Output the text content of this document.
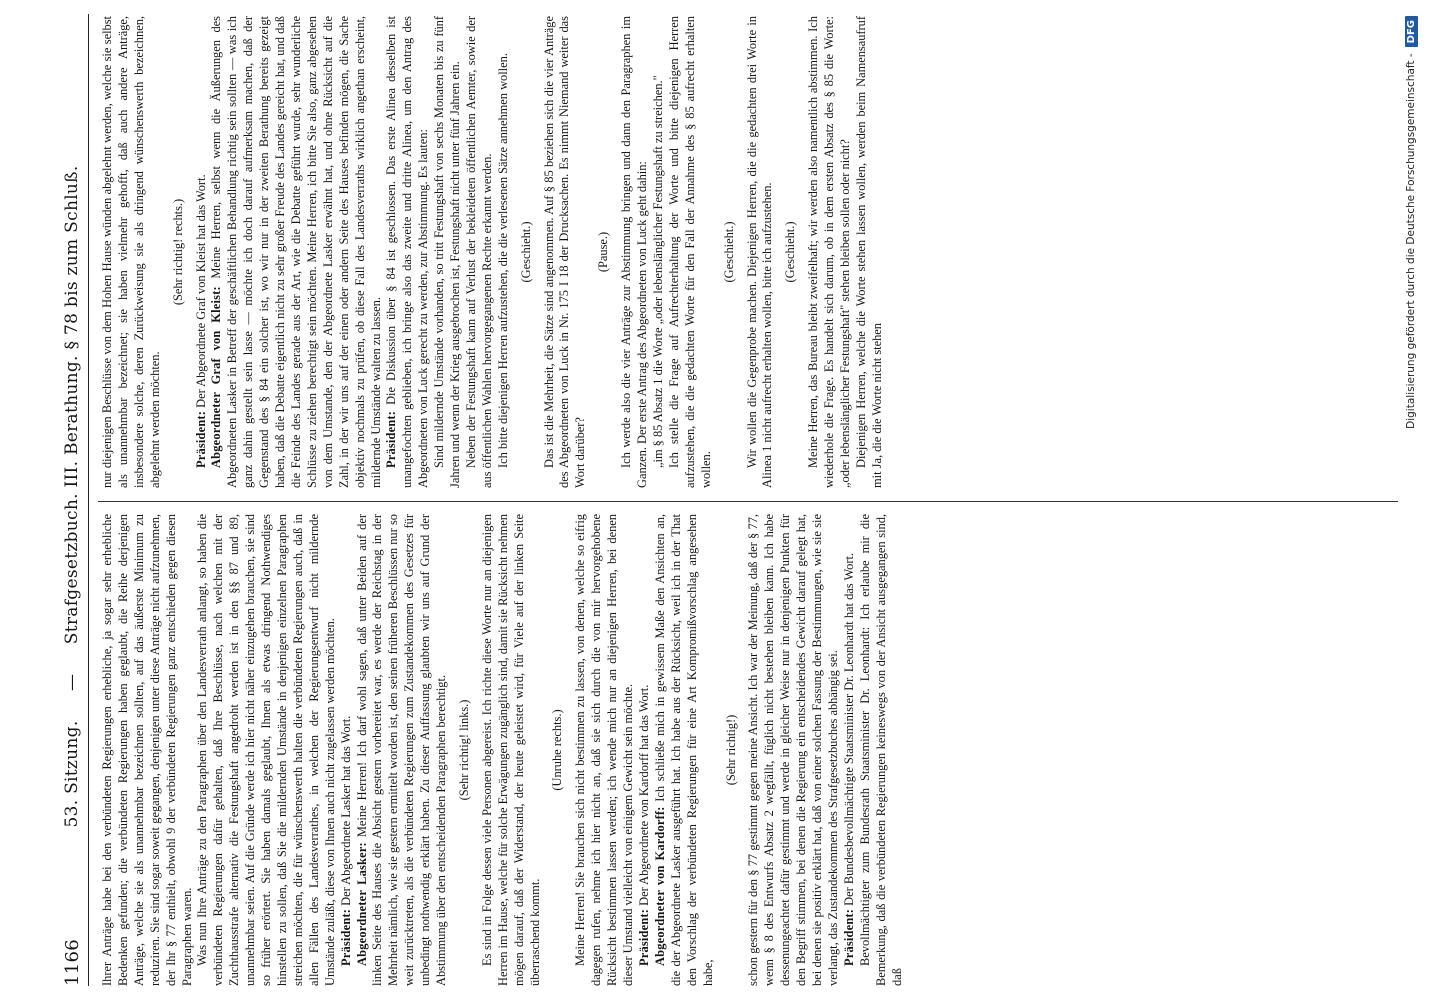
1166
53. Sitzung.  —  Strafgesetzbuch. III. Berathung. § 78 bis zum Schluß.

Ihrer Anträge habe bei den verbündeten Regierungen erhebliche, ja sogar sehr erhebliche Bedenken gefunden; die verbündeten Regierungen haben geglaubt, die Reihe derjenigen Anträge, welche sie als unannehmbar bezeichnen sollten, auf das äußerste Minimum zu reduziren. Sie sind sogar soweit gegangen, denjenigen unter diese Anträge nicht aufzunehmen, der Ihr § 77 enthielt, obwohl 9 der verbündeten Regierungen ganz entschieden gegen diesen Paragraphen waren. Was nun Ihre Anträge zu den Paragraphen über den Landesverrath anlangt, so haben die verbündeten Regierungen dafür gehalten, daß Ihre Beschlüsse, nach welchen mit der Zuchthausstrafe alternativ die Festungshaft angedroht werden ist in den §§ 87 und 89, unannehmbar seien. Auf die Gründe werde ich hier nicht näher einzugehen brauchen, sie sind so früher erörtert. Sie haben damals geglaubt, Ihnen als etwas dringend Nothwendiges hinstellen zu sollen, daß Sie die mildernden Umstände in denjenigen einzelnen Paragraphen streichen möchten, die für wünschenswerth halten die verbündeten Regierungen auch, daß in allen Fällen des Landesverrathes, in welchen der Regierungsentwurf nicht mildernde Umstände zuläßt, diese von Ihnen auch nicht zugelassen werden möchten. Präsident: Der Abgeordnete Lasker hat das Wort. Abgeordneter Lasker: Meine Herren! Ich darf wohl sagen, daß unter Beiden auf der linken Seite des Hauses die Absicht gestern vorbereitet war, es werde der Reichstag in der Mehrheit nämlich, wie sie gestern ermittelt worden ist, den seinen früheren Beschlüssen nur so weit zurücktreten, als die verbündeten Regierungen zum Zustandekommen des Gesetzes für unbedingt nothwendig erklärt haben. Zu dieser Auffassung glaubten wir uns auf Grund der Abstimmung über den entscheidenden Paragraphen berechtigt. (Sehr richtig! links.) Es sind in Folge dessen viele Personen abgereist. Ich richte diese Worte nur an diejenigen Herren im Hause, welche für solche Erwägungen zugänglich sind, damit sie Rücksicht nehmen mögen darauf, daß der Widerstand, der heute geleistet wird, für Viele auf der linken Seite überraschend kommt.

(Unruhe rechts.) Meine Herren! Sie brauchen sich nicht bestimmen zu lassen, von denen, welche so eifrig dagegen rufen, nehme ich hier nicht an, daß sie sich durch die von mir hervorgehobene Rücksicht bestimmen lassen werden; ich wende mich nur an diejenigen Herren, bei denen dieser Umstand vielleicht von einigem Gewicht sein möchte. Präsident: Der Abgeordnete von Kardorff hat das Wort. Abgeordneter von Kardorff: Ich schließe mich in gewissem Maße den Ansichten an, die der Abgeordnete Lasker ausgeführt hat. Ich habe aus der Rücksicht, weil ich in der That den Vorschlag der verbündeten Regierungen für eine Art Kompromißvorschlag angesehen habe,

(Sehr richtig!) schon gestern für den § 77 gestimmt gegen meine Ansicht. Ich war der Meinung, daß der § 77, wenn § 8 des Entwurfs Absatz 2 wegfällt, füglich nicht bestehen bleiben kann. Ich habe dessenungeachtet dafür gestimmt und werde in gleicher Weise nur in denjenigen Punkten für den Begriff stimmen, bei denen die Regierung ein entscheidendes Gewicht darauf gelegt hat, bei denen sie positiv erklärt hat, daß von einer solchen Fassung der Bestimmungen, wie sie sie verlangt, das Zustandekommen des Strafgesetzbuches abhängig sei. Präsident: Der Bundesbevollmächtigte Staatsminister Dr. Leonhardt hat das Wort. Bevollmächtigter zum Bundesrath Staatsminister Dr. Leonhardt: Ich erlaube mir die Bemerkung, daß die verbündeten Regierungen keineswegs von der Ansicht ausgegangen sind, daß

nur diejenigen Beschlüsse von dem Hohen Hause wünden abgelehnt werden, welche sie selbst als unannehmbar bezeichnet; sie haben vielmehr gehofft, daß auch andere Anträge, insbesondere solche, deren Zurückweisung sie als dringend wünschenswerth bezeichnen, abgelehnt werden möchten.

(Sehr richtig! rechts.)

Präsident: Der Abgeordnete Graf von Kleist hat das Wort. Abgeordneter Graf von Kleist: Meine Herren, selbst wenn die Äußerungen des Abgeordneten Lasker in Betreff der geschäftlichen Behandlung richtig sein sollten — was ich ganz dahin gestellt sein lasse — möchte ich doch darauf aufmerksam machen, daß der Gegenstand des § 84 ein solcher ist, wo wir nur in der zweiten Berathung bereits gezeigt haben, daß die Debatte eigentlich nicht zu sehr großer Freude des Landes gereicht hat, und daß die Feinde des Landes gerade aus der Art, wie die Debatte geführt wurde, sehr wunderliche Schlüsse zu ziehen berechtigt sein möchten. Meine Herren, ich bitte Sie also, ganz abgesehen von dem Umstande, den der Abgeordnete Lasker erwähnt hat, und ohne Rücksicht auf die Zahl, in der wir uns auf der einen oder andern Seite des Hauses befinden mögen, die Sache objektiv nochmals zu prüfen, ob diese Fall des Landesverraths wirklich angethan erscheint, mildernde Umstände walten zu lassen. Präsident: Die Diskussion über § 84 ist geschlossen. Das erste Alinea desselben ist unangefochten geblieben, ich bringe also das zweite und dritte Alinea, um den Antrag des Abgeordneten von Luck gerecht zu werden, zur Abstimmung. Es lauten: Sind mildernde Umstände vorhanden, so tritt Festungshaft von sechs Monaten bis zu fünf Jahren und wenn der Krieg ausgebrochen ist, Festungshaft nicht unter fünf Jahren ein. Neben der Festungshaft kann auf Verlust der bekleideten öffentlichen Aemter, sowie der aus öffentlichen Wahlen hervorgegangenen Rechte erkannt werden. Ich bitte diejenigen Herren aufzustehen, die die verlesenen Sätze annehmen wollen. (Geschieht.) Das ist die Mehrheit, die Sätze sind angenommen. Auf § 85 beziehen sich die vier Anträge des Abgeordneten von Luck in Nr. 175 I 18 der Drucksachen. Es nimmt Niemand weiter das Wort darüber?

(Pause.) Ich werde also die vier Anträge zur Abstimmung bringen und dann den Paragraphen im Ganzen. Der erste Antrag des Abgeordneten von Luck geht dahin: „im § 85 Absatz 1 die Worte „oder lebenslänglicher Festungshaft zu streichen." Ich stelle die Frage auf Aufrechterhaltung der Worte und bitte diejenigen Herren aufzustehen, die die gedachten Worte für den Fall der Annahme des § 85 aufrecht erhalten wollen.

(Geschieht.) Wir wollen die Gegenprobe machen. Diejenigen Herren, die die gedachten drei Worte in Alinea 1 nicht aufrecht erhalten wollen, bitte ich aufzustehen. (Geschieht.) Meine Herren, das Bureau bleibt zweifelhaft; wir werden also namentlich abstimmen. Ich wiederhole die Frage. Es handelt sich darum, ob in dem ersten Absatz des § 85 die Worte: „oder lebenslänglicher Festungshaft" stehen bleiben sollen oder nicht? Diejenigen Herren, welche die Worte stehen lassen wollen, werden beim Namensaufruf mit Ja, die die Worte nicht stehen	Digitalisierung gefördert durch die Deutsche Forschungsgemeinschaft -
DFG
